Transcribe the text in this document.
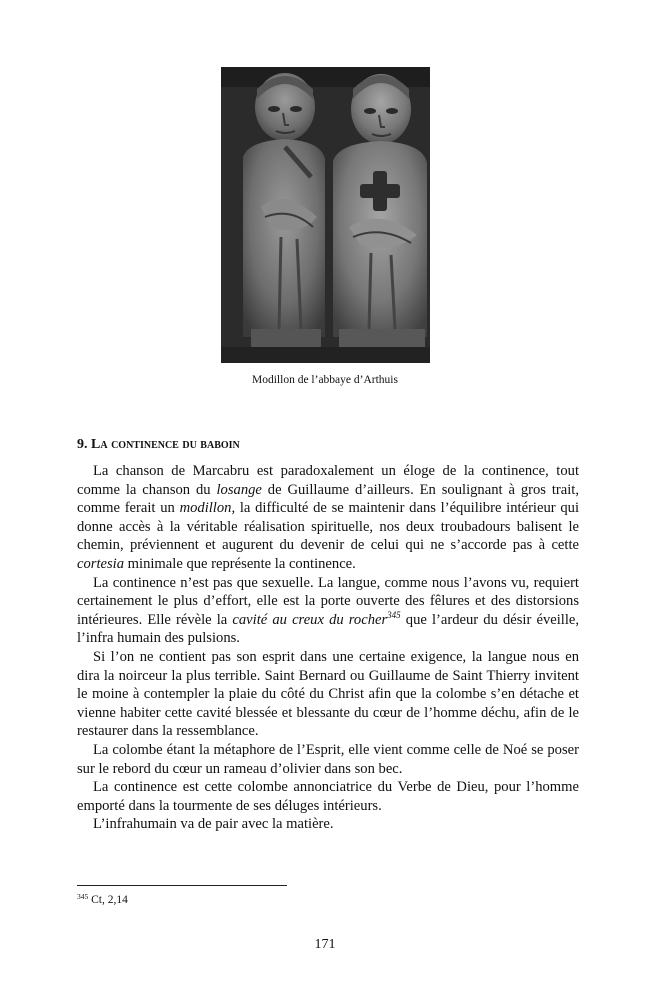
Modillon de l’abbaye d’Arthuis
9. La continence du baboin

La chanson de Marcabru est paradoxalement un éloge de la continence, tout comme la chanson du losange de Guillaume d’ailleurs. En soulignant à gros trait, comme ferait un modillon, la difficulté de se maintenir dans l’équilibre intérieur qui donne accès à la véritable réalisation spirituelle, nos deux troubadours balisent le chemin, préviennent et augurent du devenir de celui qui ne s’accorde pas à cette cortesia minimale que représente la continence.

La continence n’est pas que sexuelle. La langue, comme nous l’avons vu, requiert certainement le plus d’effort, elle est la porte ouverte des fêlures et des distorsions intérieures. Elle révèle la cavité au creux du rocher$^{345}$ que l’ardeur du désir éveille, l’infra humain des pulsions.

Si l’on ne contient pas son esprit dans une certaine exigence, la langue nous en dira la noirceur la plus terrible. Saint Bernard ou Guillaume de Saint Thierry invitent le moine à contempler la plaie du côté du Christ afin que la colombe s’en détache et vienne habiter cette cavité blessée et blessante du cœur de l’homme déchu, afin de le restaurer dans la ressemblance.

La colombe étant la métaphore de l’Esprit, elle vient comme celle de Noé se poser sur le rebord du cœur un rameau d’olivier dans son bec.

La continence est cette colombe annonciatrice du Verbe de Dieu, pour l’homme emporté dans la tourmente de ses déluges intérieurs.

L’infrahumain va de pair avec la matière.

$^{345}$ Ct, 2,14
171
